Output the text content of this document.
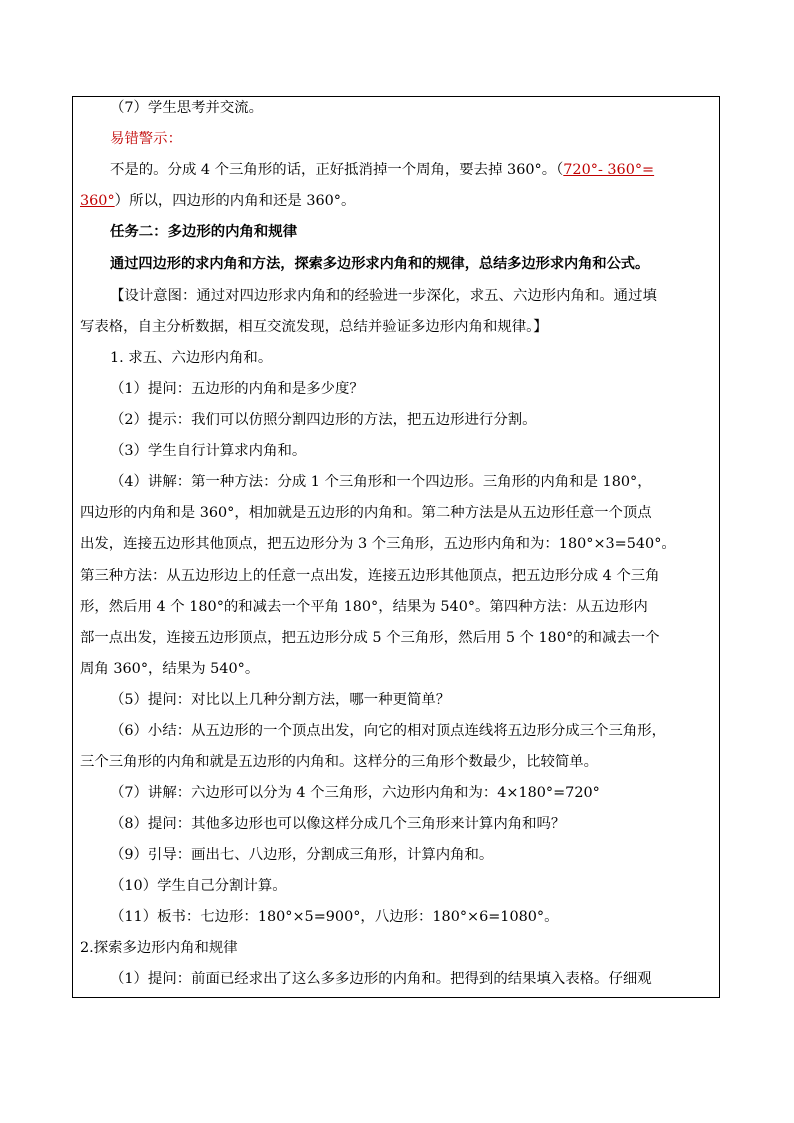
（7）学生思考并交流。
易错警示：
不是的。分成 4 个三角形的话，正好抵消掉一个周角，要去掉 360°。（720°- 360°=
360°）所以，四边形的内角和还是 360°。
任务二：多边形的内角和规律
通过四边形的求内角和方法，探索多边形求内角和的规律，总结多边形求内角和公式。
【设计意图：通过对四边形求内角和的经验进一步深化，求五、六边形内角和。通过填
写表格，自主分析数据，相互交流发现，总结并验证多边形内角和规律。】
1. 求五、六边形内角和。
（1）提问：五边形的内角和是多少度？
（2）提示：我们可以仿照分割四边形的方法，把五边形进行分割。
（3）学生自行计算求内角和。
（4）讲解：第一种方法：分成 1 个三角形和一个四边形。三角形的内角和是 180°，
四边形的内角和是 360°，相加就是五边形的内角和。第二种方法是从五边形任意一个顶点
出发，连接五边形其他顶点，把五边形分为 3 个三角形，五边形内角和为：180°×3=540°。
第三种方法：从五边形边上的任意一点出发，连接五边形其他顶点，把五边形分成 4 个三角
形，然后用 4 个 180°的和减去一个平角 180°，结果为 540°。第四种方法：从五边形内
部一点出发，连接五边形顶点，把五边形分成 5 个三角形，然后用 5 个 180°的和减去一个
周角 360°，结果为 540°。
（5）提问：对比以上几种分割方法，哪一种更简单？
（6）小结：从五边形的一个顶点出发，向它的相对顶点连线将五边形分成三个三角形，
三个三角形的内角和就是五边形的内角和。这样分的三角形个数最少，比较简单。
（7）讲解：六边形可以分为 4 个三角形，六边形内角和为：4×180°=720°
（8）提问：其他多边形也可以像这样分成几个三角形来计算内角和吗？
（9）引导：画出七、八边形，分割成三角形，计算内角和。
（10）学生自己分割计算。
（11）板书：七边形：180°×5=900°，八边形：180°×6=1080°。
2.探索多边形内角和规律
（1）提问：前面已经求出了这么多多边形的内角和。把得到的结果填入表格。仔细观
